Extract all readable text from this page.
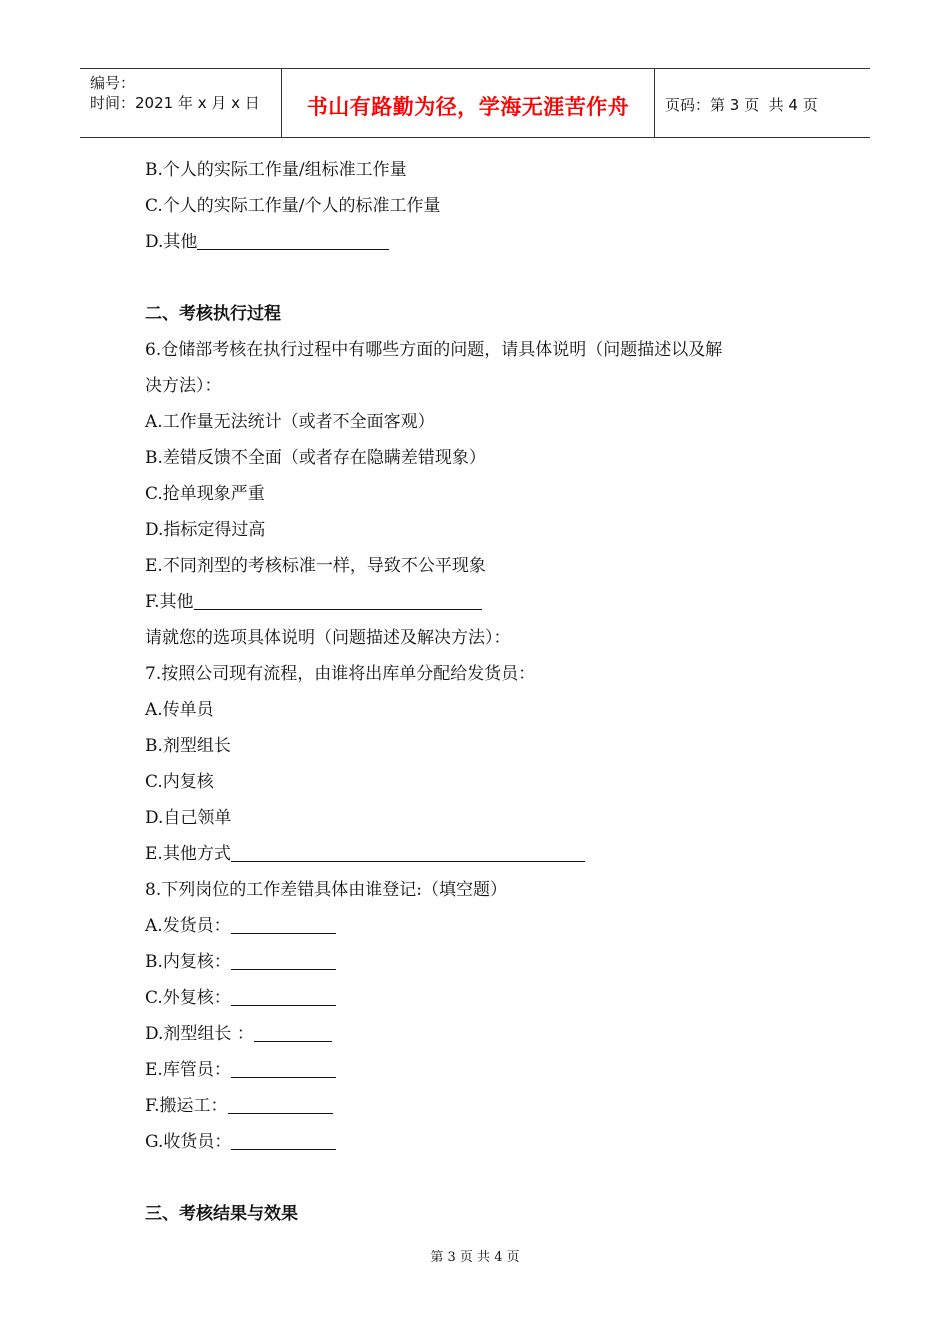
编号：
时间：2021 年 x 月 x 日	书山有路勤为径，学海无涯苦作舟	页码：第 3 页  共 4 页
B.个人的实际工作量/组标准工作量
C.个人的实际工作量/个人的标准工作量
D.其他
二、考核执行过程
6.仓储部考核在执行过程中有哪些方面的问题，请具体说明（问题描述以及解
决方法）：
A.工作量无法统计（或者不全面客观）
B.差错反馈不全面（或者存在隐瞒差错现象）
C.抢单现象严重
D.指标定得过高
E.不同剂型的考核标准一样，导致不公平现象
F.其他
请就您的选项具体说明（问题描述及解决方法）：
7.按照公司现有流程，由谁将出库单分配给发货员：
A.传单员
B.剂型组长
C.内复核
D.自己领单
E.其他方式
8.下列岗位的工作差错具体由谁登记:（填空题）
A.发货员：
B.内复核：
C.外复核：
D.剂型组长 ：
E.库管员：
F.搬运工：
G.收货员：
三、考核结果与效果
第 3 页 共 4 页
